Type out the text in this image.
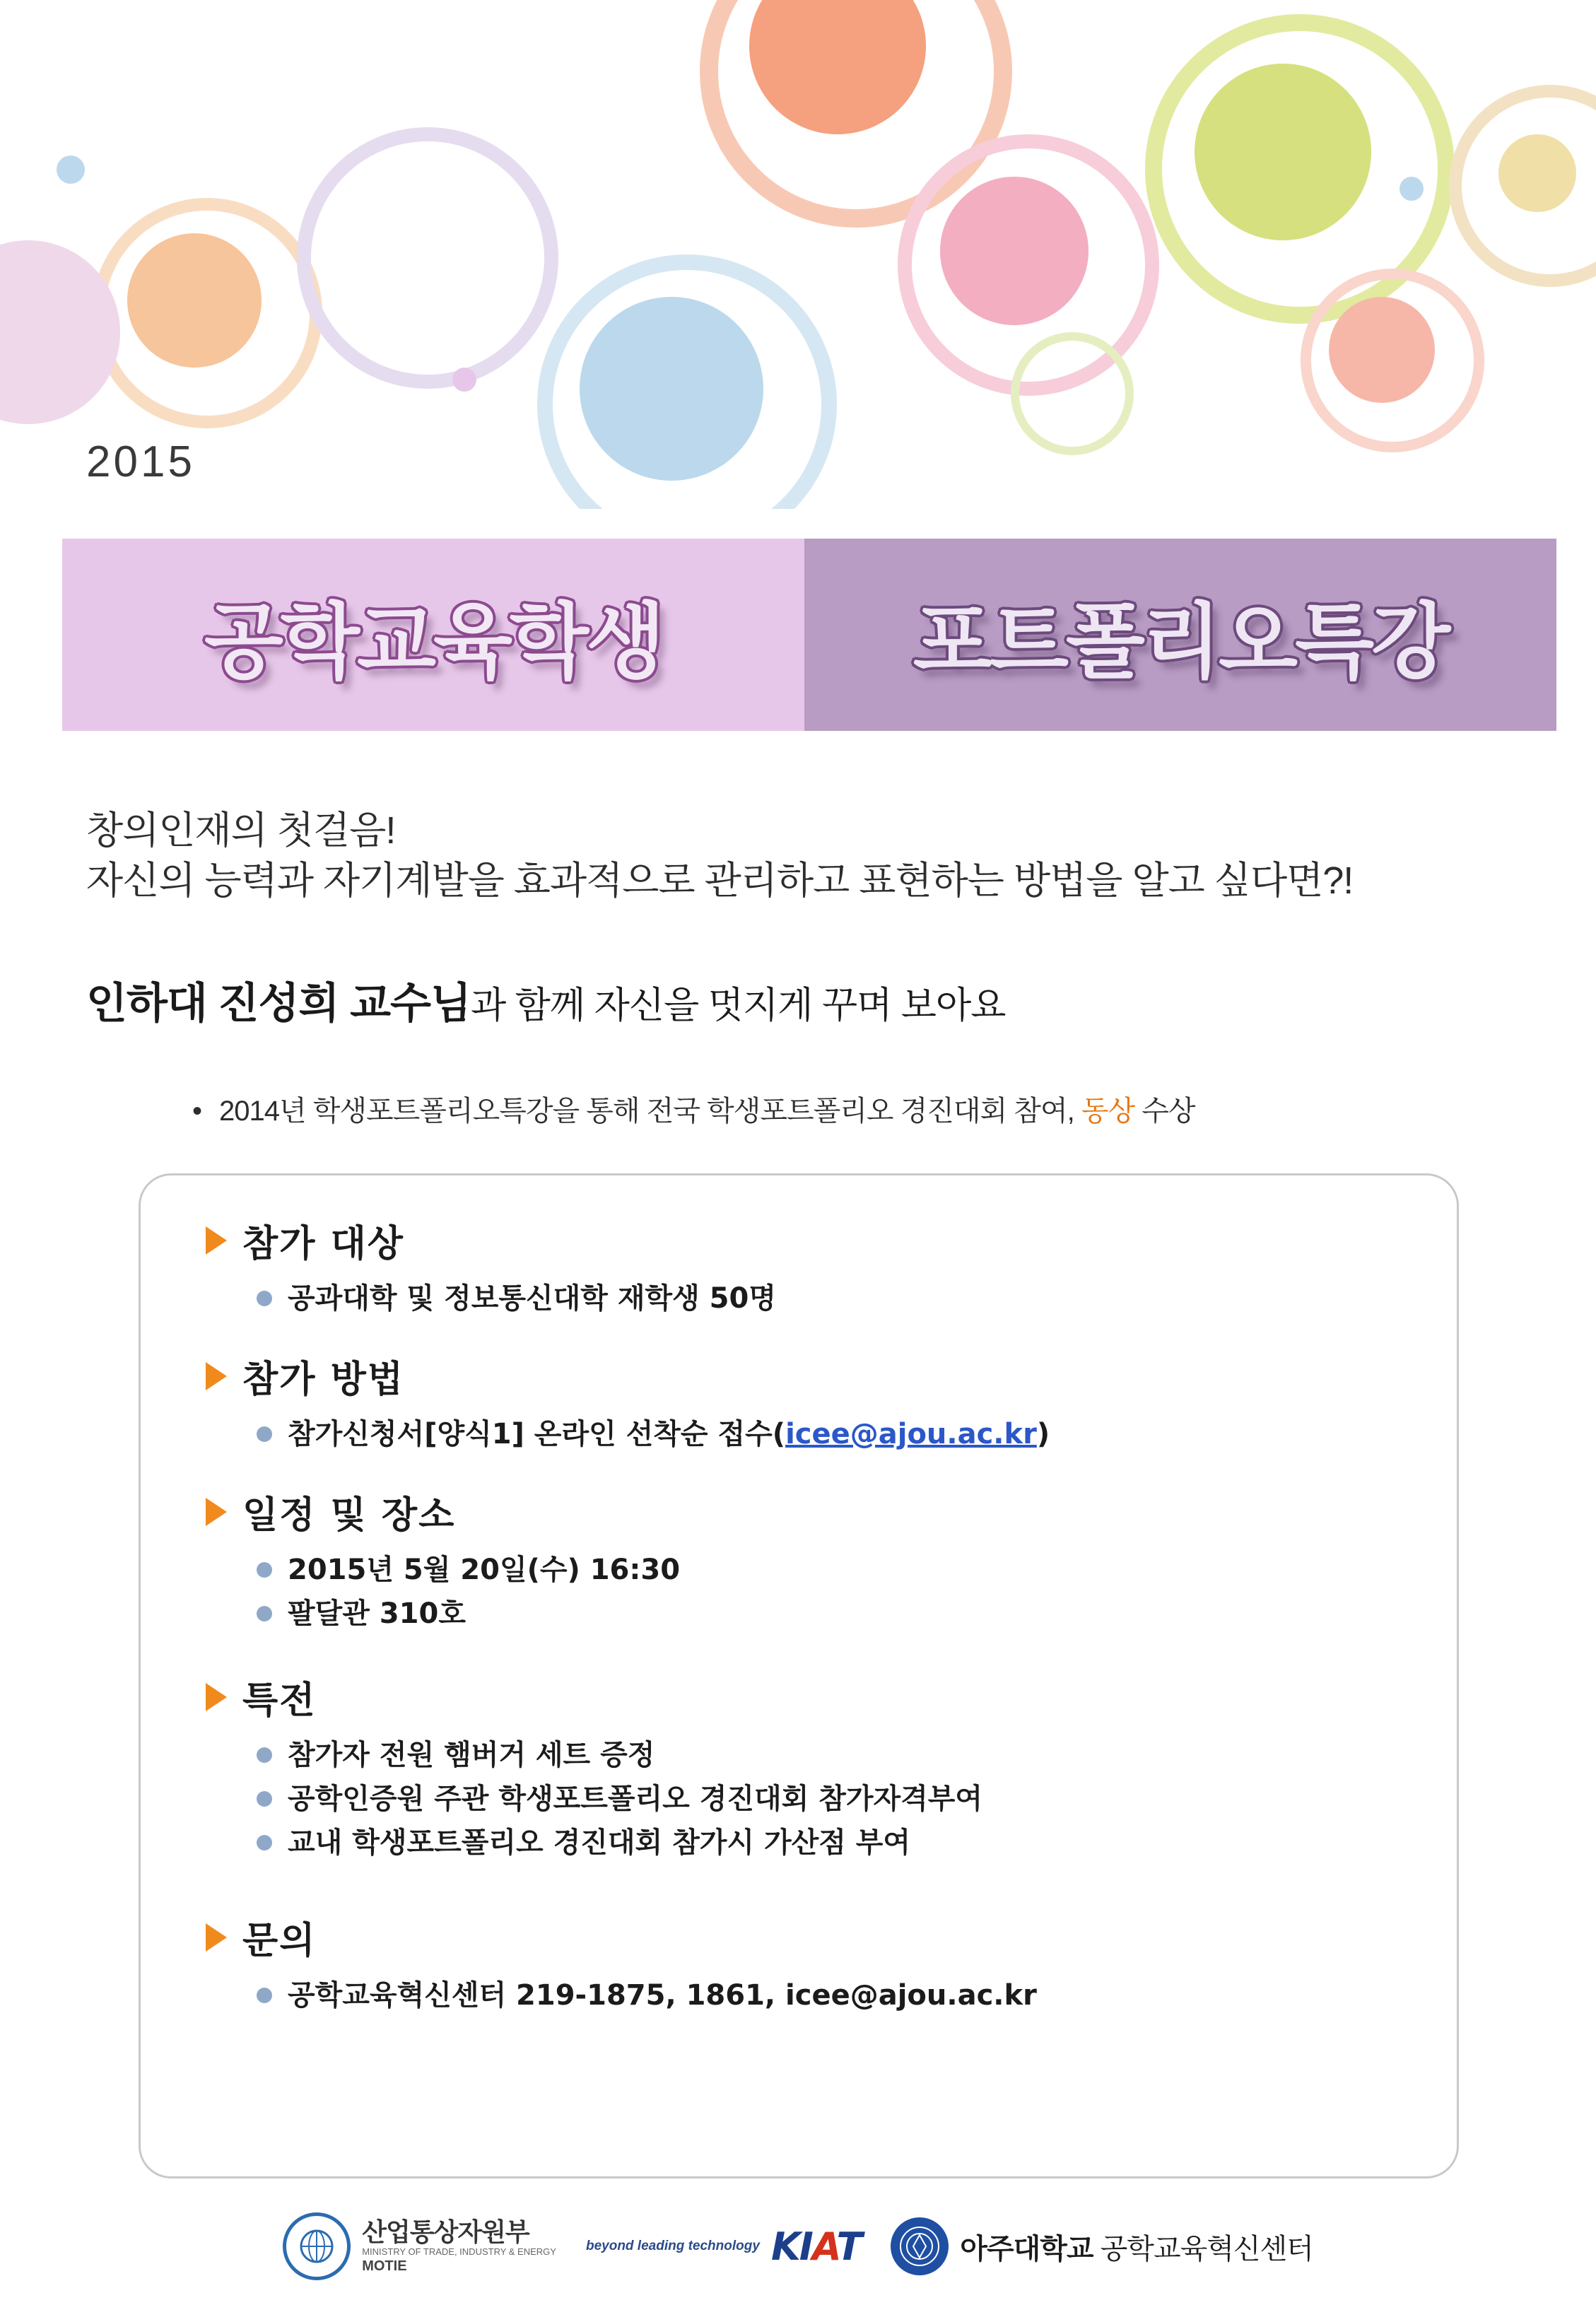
2015
공학교육학생	포트폴리오특강
창의인재의 첫걸음!
자신의 능력과 자기계발을 효과적으로 관리하고 표현하는 방법을 알고 싶다면?!
인하대 진성희 교수님과 함께 자신을 멋지게 꾸며 보아요
• 2014년 학생포트폴리오특강을 통해 전국 학생포트폴리오 경진대회 참여, 동상 수상
참가 대상
공과대학 및 정보통신대학 재학생 50명
참가 방법
참가신청서[양식1] 온라인 선착순 접수( icee@ajou.ac.kr )
일정 및 장소
2015년 5월 20일(수) 16:30
팔달관 310호
특전
참가자 전원 햄버거 세트 증정
공학인증원 주관 학생포트폴리오 경진대회 참가자격부여
교내 학생포트폴리오 경진대회 참가시 가산점 부여
문의
공학교육혁신센터 219-1875, 1861, icee@ajou.ac.kr
산업통상자원부
MINISTRY OF TRADE, INDUSTRY & ENERGY
MOTIE
beyond leading technology KIAT	아주대학교 공학교육혁신센터
